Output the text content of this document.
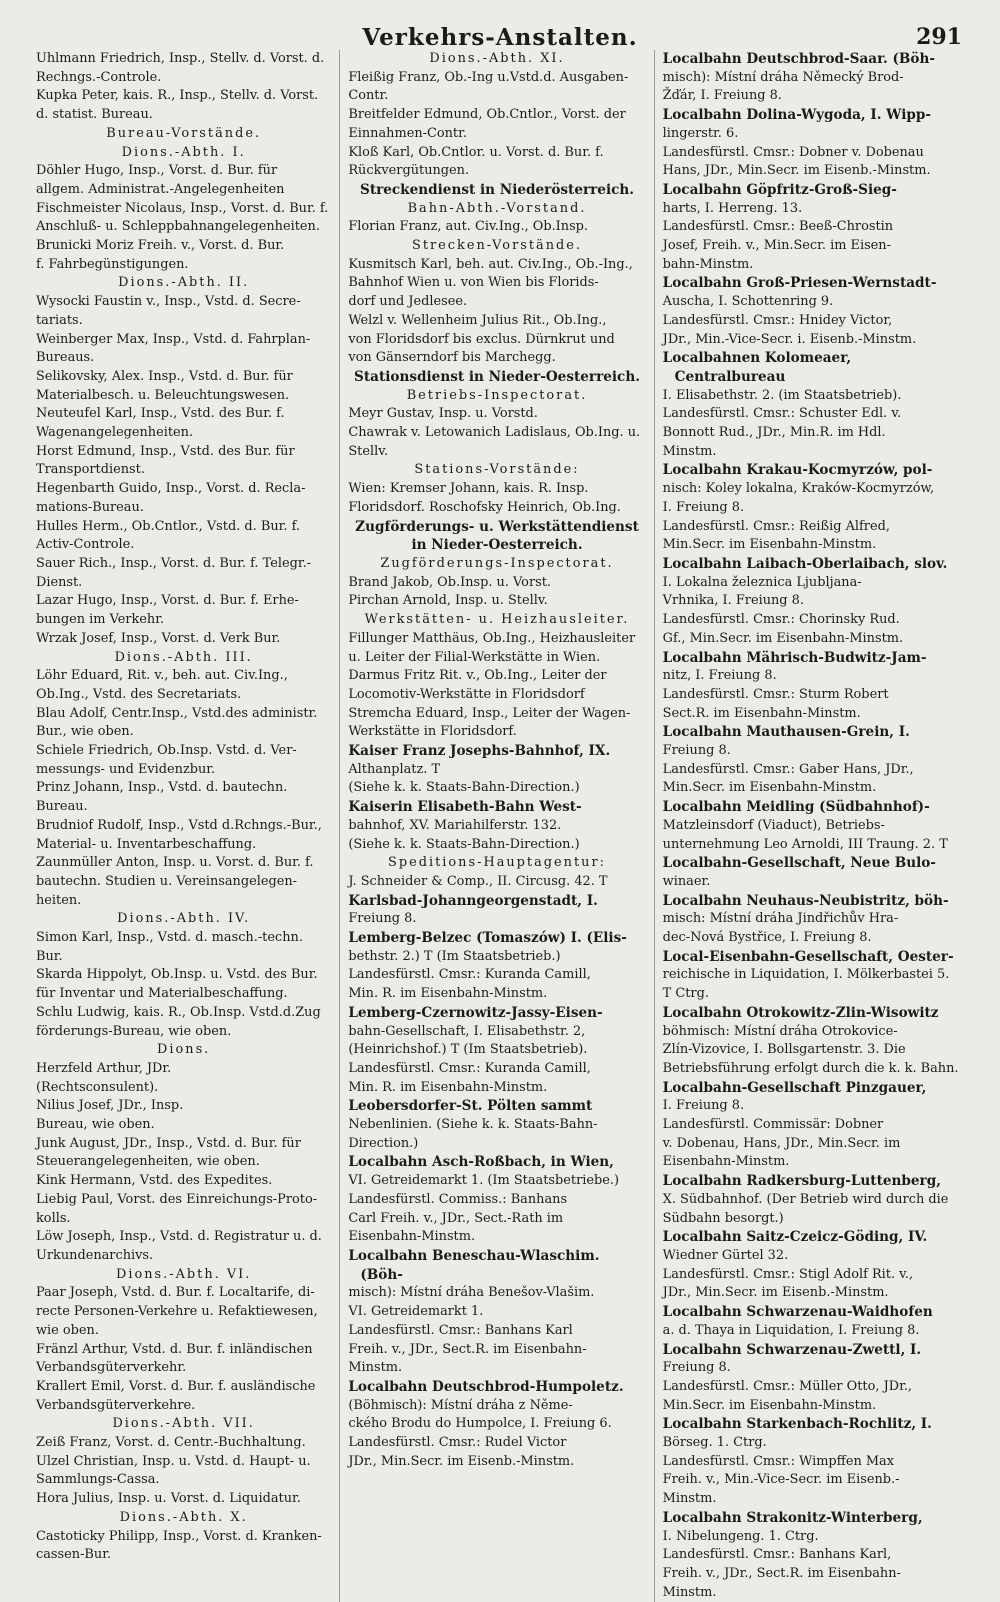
Verkehrs-Anstalten.	291

Uhlmann Friedrich, Insp., Stellv. d. Vorst. d.

Rechngs.-Controle.

Kupka Peter, kais. R., Insp., Stellv. d. Vorst.

d. statist. Bureau.

Bureau-Vorstände.

Dions.-Abth. I.

Döhler Hugo, Insp., Vorst. d. Bur. für

allgem. Administrat.-Angelegenheiten

Fischmeister Nicolaus, Insp., Vorst. d. Bur. f.

Anschluß- u. Schleppbahnangelegenheiten.

Brunicki Moriz Freih. v., Vorst. d. Bur.

f. Fahrbegünstigungen.

Dions.-Abth. II.

Wysocki Faustin v., Insp., Vstd. d. Secre-

tariats.

Weinberger Max, Insp., Vstd. d. Fahrplan-

Bureaus.

Selikovsky, Alex. Insp., Vstd. d. Bur. für

Materialbesch. u. Beleuchtungswesen.

Neuteufel Karl, Insp., Vstd. des Bur. f.

Wagenangelegenheiten.

Horst Edmund, Insp., Vstd. des Bur. für

Transportdienst.

Hegenbarth Guido, Insp., Vorst. d. Recla-

mations-Bureau.

Hulles Herm., Ob.Cntlor., Vstd. d. Bur. f.

Activ-Controle.

Sauer Rich., Insp., Vorst. d. Bur. f. Telegr.-

Dienst.

Lazar Hugo, Insp., Vorst. d. Bur. f. Erhe-

bungen im Verkehr.

Wrzak Josef, Insp., Vorst. d. Verk Bur.

Dions.-Abth. III.

Löhr Eduard, Rit. v., beh. aut. Civ.Ing.,

Ob.Ing., Vstd. des Secretariats.

Blau Adolf, Centr.Insp., Vstd.des administr.

Bur., wie oben.

Schiele Friedrich, Ob.Insp. Vstd. d. Ver-

messungs- und Evidenzbur.

Prinz Johann, Insp., Vstd. d. bautechn.

Bureau.

Brudniof Rudolf, Insp., Vstd d.Rchngs.-Bur.,

Material- u. Inventarbeschaffung.

Zaunmüller Anton, Insp. u. Vorst. d. Bur. f.

bautechn. Studien u. Vereinsangelegen-

heiten.

Dions.-Abth. IV.

Simon Karl, Insp., Vstd. d. masch.-techn.

Bur.

Skarda Hippolyt, Ob.Insp. u. Vstd. des Bur.

für Inventar und Materialbeschaffung.

Schlu Ludwig, kais. R., Ob.Insp. Vstd.d.Zug

förderungs-Bureau, wie oben.

Dions.

Herzfeld Arthur, JDr.

(Rechtsconsulent).

Nilius Josef, JDr., Insp.

Bureau, wie oben.

Junk August, JDr., Insp., Vstd. d. Bur. für

Steuerangelegenheiten, wie oben.

Kink Hermann, Vstd. des Expedites.

Liebig Paul, Vorst. des Einreichungs-Proto-

kolls.

Löw Joseph, Insp., Vstd. d. Registratur u. d.

Urkundenarchivs.

Dions.-Abth. VI.

Paar Joseph, Vstd. d. Bur. f. Localtarife, di-

recte Personen-Verkehre u. Refaktiewesen,

wie oben.

Fränzl Arthur, Vstd. d. Bur. f. inländischen

Verbandsgüterverkehr.

Krallert Emil, Vorst. d. Bur. f. ausländische

Verbandsgüterverkehre.

Dions.-Abth. VII.

Zeiß Franz, Vorst. d. Centr.-Buchhaltung.

Ulzel Christian, Insp. u. Vstd. d. Haupt- u.

Sammlungs-Cassa.

Hora Julius, Insp. u. Vorst. d. Liquidatur.

Dions.-Abth. X.

Castoticky Philipp, Insp., Vorst. d. Kranken-

cassen-Bur.

Dions.-Abth. XI.

Fleißig Franz, Ob.-Ing u.Vstd.d. Ausgaben-

Contr.

Breitfelder Edmund, Ob.Cntlor., Vorst. der

Einnahmen-Contr.

Kloß Karl, Ob.Cntlor. u. Vorst. d. Bur. f.

Rückvergütungen.

Streckendienst in Niederösterreich.

Bahn-Abth.-Vorstand.

Florian Franz, aut. Civ.Ing., Ob.Insp.

Strecken-Vorstände.

Kusmitsch Karl, beh. aut. Civ.Ing., Ob.-Ing.,

Bahnhof Wien u. von Wien bis Florids-

dorf und Jedlesee.

Welzl v. Wellenheim Julius Rit., Ob.Ing.,

von Floridsdorf bis exclus. Dürnkrut und

von Gänserndorf bis Marchegg.

Stationsdienst in Nieder-Oesterreich.

Betriebs-Inspectorat.

Meyr Gustav, Insp. u. Vorstd.

Chawrak v. Letowanich Ladislaus, Ob.Ing. u.

Stellv.

Stations-Vorstände:

Wien: Kremser Johann, kais. R. Insp.

Floridsdorf. Roschofsky Heinrich, Ob.Ing.

Zugförderungs- u. Werkstättendienst

in Nieder-Oesterreich.

Zugförderungs-Inspectorat.

Brand Jakob, Ob.Insp. u. Vorst.

Pirchan Arnold, Insp. u. Stellv.

Werkstätten- u. Heizhausleiter.

Fillunger Matthäus, Ob.Ing., Heizhausleiter

u. Leiter der Filial-Werkstätte in Wien.

Darmus Fritz Rit. v., Ob.Ing., Leiter der

Locomotiv-Werkstätte in Floridsdorf

Stremcha Eduard, Insp., Leiter der Wagen-

Werkstätte in Floridsdorf.

Kaiser Franz Josephs-Bahnhof, IX.

Althanplatz. T

(Siehe k. k. Staats-Bahn-Direction.)

Kaiserin Elisabeth-Bahn West-

bahnhof, XV. Mariahilferstr. 132.

(Siehe k. k. Staats-Bahn-Direction.)

Speditions-Hauptagentur:

J. Schneider & Comp., II. Circusg. 42. T

Karlsbad-Johanngeorgenstadt, I.

Freiung 8.

Lemberg-Belzec (Tomaszów) I. (Elis-

bethstr. 2.) T (Im Staatsbetrieb.)

Landesfürstl. Cmsr.: Kuranda Camill,

Min. R. im Eisenbahn-Minstm.

Lemberg-Czernowitz-Jassy-Eisen-

bahn-Gesellschaft, I. Elisabethstr. 2,

(Heinrichshof.) T (Im Staatsbetrieb).

Landesfürstl. Cmsr.: Kuranda Camill,

Min. R. im Eisenbahn-Minstm.

Leobersdorfer-St. Pölten sammt

Nebenlinien. (Siehe k. k. Staats-Bahn-

Direction.)

Localbahn Asch-Roßbach, in Wien,

VI. Getreidemarkt 1. (Im Staatsbetriebe.)

Landesfürstl. Commiss.: Banhans

Carl Freih. v., JDr., Sect.-Rath im

Eisenbahn-Minstm.

Localbahn Beneschau-Wlaschim. (Böh-

misch): Místní dráha Benešov-Vlašim.

VI. Getreidemarkt 1.

Landesfürstl. Cmsr.: Banhans Karl

Freih. v., JDr., Sect.R. im Eisenbahn-

Minstm.

Localbahn Deutschbrod-Humpoletz.

(Böhmisch): Místní dráha z Něme-

ckého Brodu do Humpolce, I. Freiung 6.

Landesfürstl. Cmsr.: Rudel Victor

JDr., Min.Secr. im Eisenb.-Minstm.

Localbahn Deutschbrod-Saar. (Böh-

misch): Místní dráha Německý Brod-

Žďár, I. Freiung 8.

Localbahn Dolina-Wygoda, I. Wipp-

lingerstr. 6.

Landesfürstl. Cmsr.: Dobner v. Dobenau

Hans, JDr., Min.Secr. im Eisenb.-Minstm.

Localbahn Göpfritz-Groß-Sieg-

harts, I. Herreng. 13.

Landesfürstl. Cmsr.: Beeß-Chrostin

Josef, Freih. v., Min.Secr. im Eisen-

bahn-Minstm.

Localbahn Groß-Priesen-Wernstadt-

Auscha, I. Schottenring 9.

Landesfürstl. Cmsr.: Hnidey Victor,

JDr., Min.-Vice-Secr. i. Eisenb.-Minstm.

Localbahnen Kolomeaer, Centralbureau

I. Elisabethstr. 2. (im Staatsbetrieb).

Landesfürstl. Cmsr.: Schuster Edl. v.

Bonnott Rud., JDr., Min.R. im Hdl.

Minstm.

Localbahn Krakau-Kocmyrzów, pol-

nisch: Koley lokalna, Kraków-Kocmyrzów,

I. Freiung 8.

Landesfürstl. Cmsr.: Reißig Alfred,

Min.Secr. im Eisenbahn-Minstm.

Localbahn Laibach-Oberlaibach, slov.

I. Lokalna železnica Ljubljana-

Vrhnika, I. Freiung 8.

Landesfürstl. Cmsr.: Chorinsky Rud.

Gf., Min.Secr. im Eisenbahn-Minstm.

Localbahn Mährisch-Budwitz-Jam-

nitz, I. Freiung 8.

Landesfürstl. Cmsr.: Sturm Robert

Sect.R. im Eisenbahn-Minstm.

Localbahn Mauthausen-Grein, I.

Freiung 8.

Landesfürstl. Cmsr.: Gaber Hans, JDr.,

Min.Secr. im Eisenbahn-Minstm.

Localbahn Meidling (Südbahnhof)-

Matzleinsdorf (Viaduct), Betriebs-

unternehmung Leo Arnoldi, III Traung. 2. T

Localbahn-Gesellschaft, Neue Bulo-

winaer.

Localbahn Neuhaus-Neubistritz, böh-

misch: Místní dráha Jindřichův Hra-

dec-Nová Bystřice, I. Freiung 8.

Local-Eisenbahn-Gesellschaft, Oester-

reichische in Liquidation, I. Mölkerbastei 5.

T Ctrg.

Localbahn Otrokowitz-Zlin-Wisowitz

böhmisch: Místní dráha Otrokovice-

Zlín-Vizovice, I. Bollsgartenstr. 3. Die

Betriebsführung erfolgt durch die k. k. Bahn.

Localbahn-Gesellschaft Pinzgauer,

I. Freiung 8.

Landesfürstl. Commissär: Dobner

v. Dobenau, Hans, JDr., Min.Secr. im

Eisenbahn-Minstm.

Localbahn Radkersburg-Luttenberg,

X. Südbahnhof. (Der Betrieb wird durch die

Südbahn besorgt.)

Localbahn Saitz-Czeicz-Göding, IV.

Wiedner Gürtel 32.

Landesfürstl. Cmsr.: Stigl Adolf Rit. v.,

JDr., Min.Secr. im Eisenb.-Minstm.

Localbahn Schwarzenau-Waidhofen

a. d. Thaya in Liquidation, I. Freiung 8.

Localbahn Schwarzenau-Zwettl, I.

Freiung 8.

Landesfürstl. Cmsr.: Müller Otto, JDr.,

Min.Secr. im Eisenbahn-Minstm.

Localbahn Starkenbach-Rochlitz, I.

Börseg. 1. Ctrg.

Landesfürstl. Cmsr.: Wimpffen Max

Freih. v., Min.-Vice-Secr. im Eisenb.-

Minstm.

Localbahn Strakonitz-Winterberg,

I. Nibelungeng. 1. Ctrg.

Landesfürstl. Cmsr.: Banhans Karl,

Freih. v., JDr., Sect.R. im Eisenbahn-

Minstm.
